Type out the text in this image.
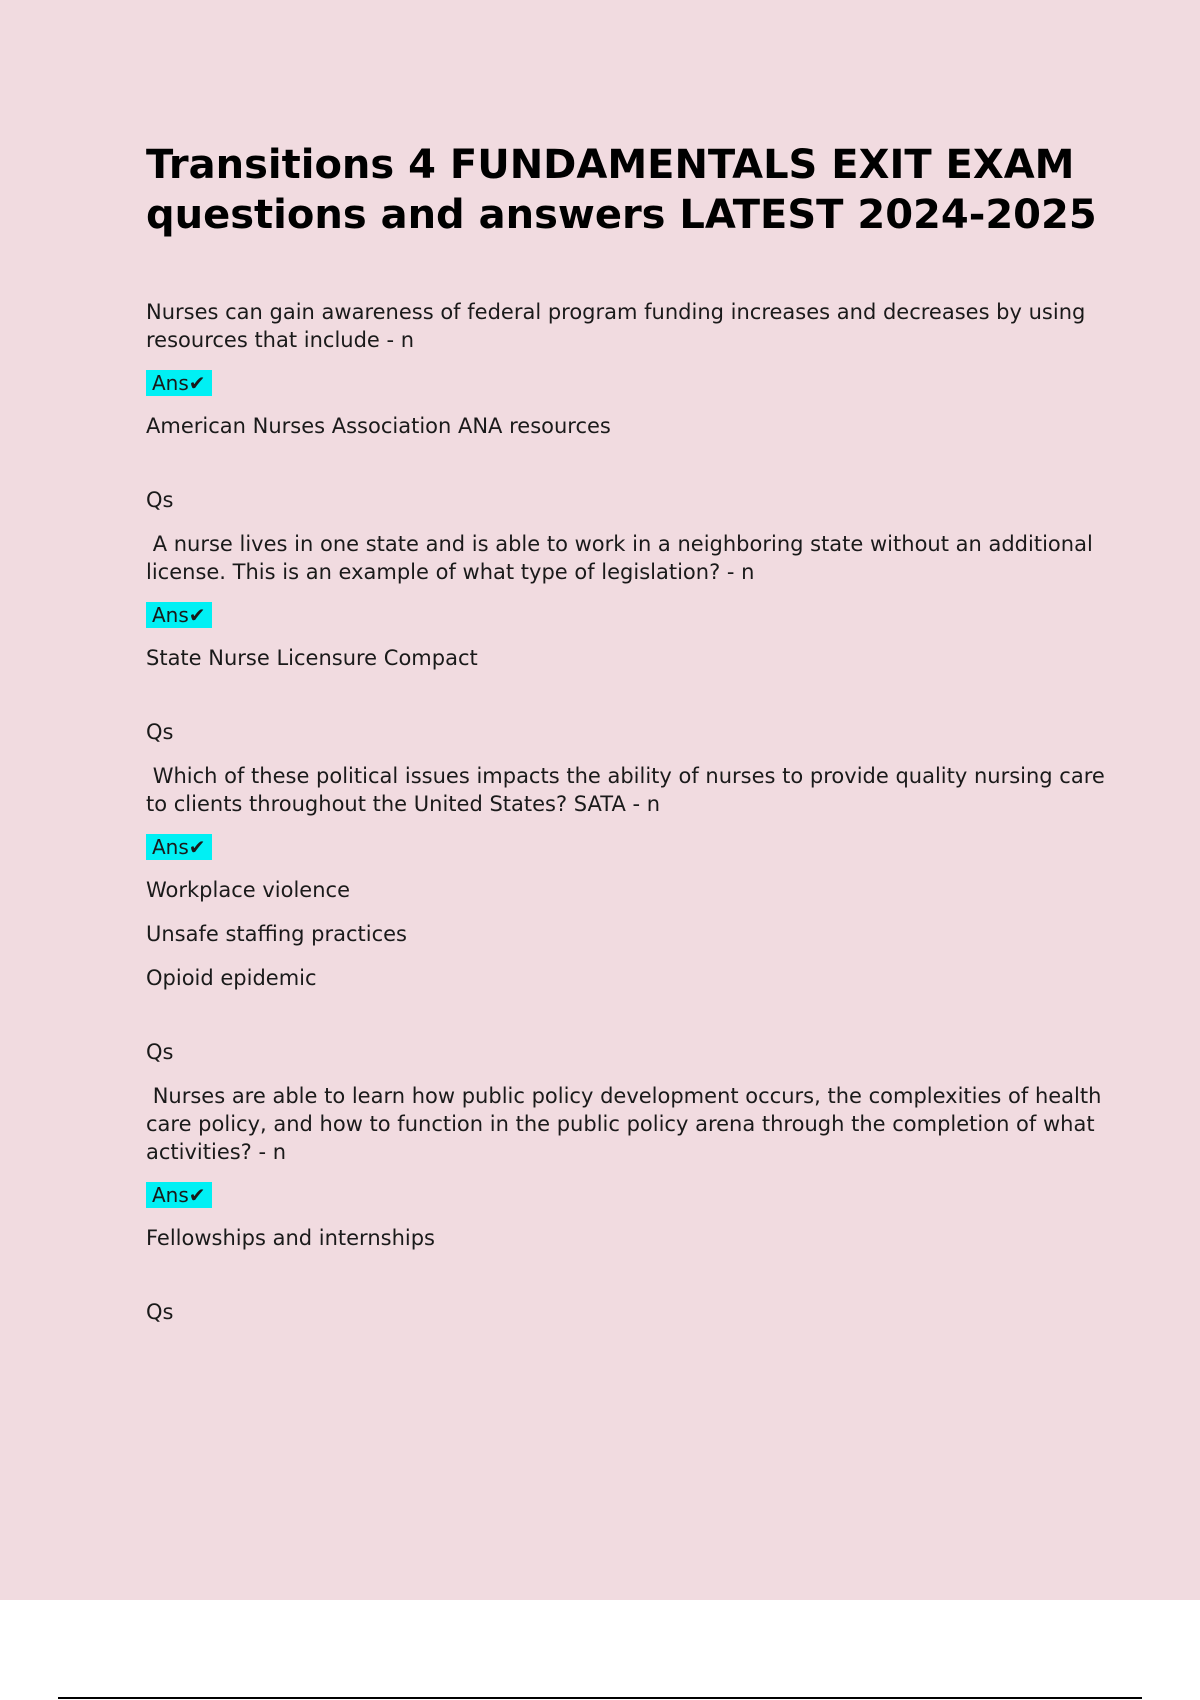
Transitions 4 FUNDAMENTALS EXIT EXAM questions and answers LATEST 2024-2025

Nurses can gain awareness of federal program funding increases and decreases by using resources that include - n

Ans✔

American Nurses Association ANA resources

Qs

A nurse lives in one state and is able to work in a neighboring state without an additional license. This is an example of what type of legislation? - n

Ans✔

State Nurse Licensure Compact

Qs

Which of these political issues impacts the ability of nurses to provide quality nursing care to clients throughout the United States? SATA - n

Ans✔

Workplace violence

Unsafe staffing practices

Opioid epidemic

Qs

Nurses are able to learn how public policy development occurs, the complexities of health care policy, and how to function in the public policy arena through the completion of what activities? - n

Ans✔

Fellowships and internships

Qs
